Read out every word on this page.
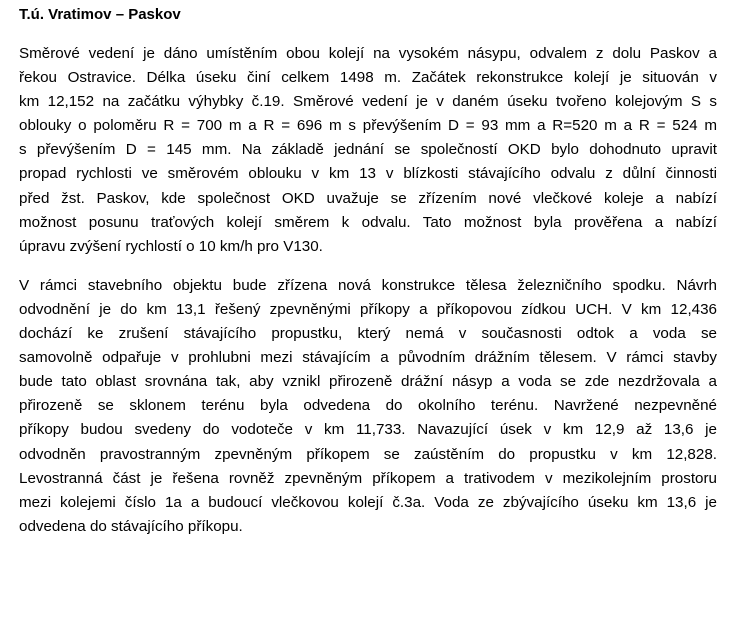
T.ú. Vratimov – Paskov
Směrové vedení je dáno umístěním obou kolejí na vysokém násypu, odvalem z dolu Paskov a
řekou Ostravice. Délka úseku činí celkem 1498 m. Začátek rekonstrukce kolejí je situován v
km 12,152 na začátku výhybky č.19. Směrové vedení je v daném úseku tvořeno kolejovým S s
oblouky o poloměru R = 700 m a R = 696 m s převýšením D = 93 mm a R=520 m a R = 524 m
s převýšením D = 145 mm. Na základě jednání se společností OKD bylo dohodnuto upravit
propad rychlosti ve směrovém oblouku v km 13 v blízkosti stávajícího odvalu z důlní činnosti
před žst. Paskov, kde společnost OKD uvažuje se zřízením nové vlečkové koleje a nabízí
možnost posunu traťových kolejí směrem k odvalu. Tato možnost byla prověřena a nabízí
úpravu zvýšení rychlostí o 10 km/h pro V130.
V rámci stavebního objektu bude zřízena nová konstrukce tělesa železničního spodku. Návrh
odvodnění je do km 13,1 řešený zpevněnými příkopy a příkopovou zídkou UCH. V km 12,436
dochází ke zrušení stávajícího propustku, který nemá v současnosti odtok a voda se
samovolně odpařuje v prohlubni mezi stávajícím a původním drážním tělesem. V rámci stavby
bude tato oblast srovnána tak, aby vznikl přirozeně drážní násyp a voda se zde nezdržovala a
přirozeně se sklonem terénu byla odvedena do okolního terénu. Navržené nezpevněné
příkopy budou svedeny do vodoteče v km 11,733. Navazující úsek v km 12,9 až 13,6 je
odvodněn pravostranným zpevněným příkopem se zaústěním do propustku v km 12,828.
Levostranná část je řešena rovněž zpevněným příkopem a trativodem v mezikolejním prostoru
mezi kolejemi číslo 1a a budoucí vlečkovou kolejí č.3a. Voda ze zbývajícího úseku km 13,6 je
odvedena do stávajícího příkopu.
